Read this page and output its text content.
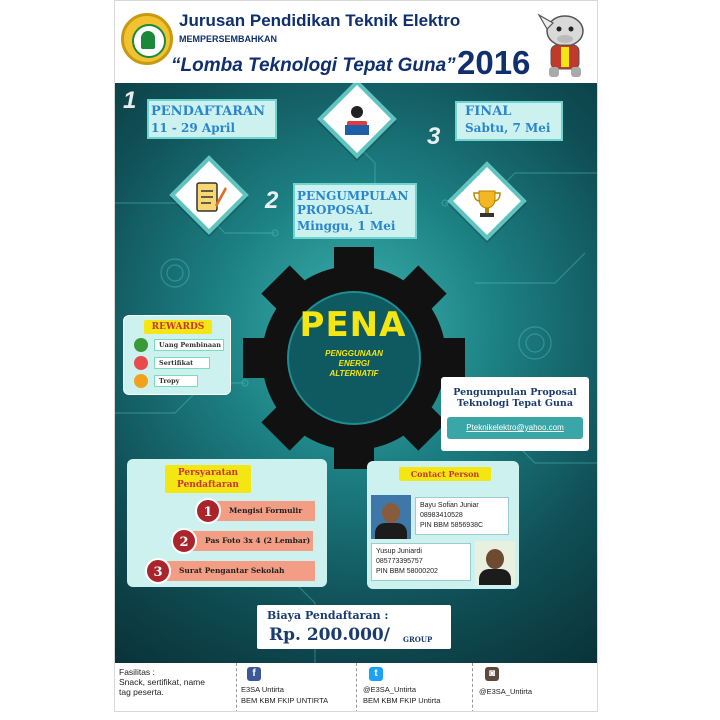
Jurusan Pendidikan Teknik Elektro
MEMPERSEMBAHKAN
“Lomba Teknologi Tepat Guna” 2016
1 PENDAFTARAN
11 - 29 April	3
FINAL
Sabtu, 7 Mei
2 PENGUMPULAN
PROPOSAL
Minggu, 1 Mei
PENA
PENGGUNAAN
ENERGI
ALTERNATIF
REWARDS
Uang Pembinaan
Sertifikat
Tropy
Pengumpulan Proposal
Teknologi Tepat Guna
Pteknikelektro@yahoo.com
Persyaratan
Pendaftaran
Mengisi Formulir
1
Pas Foto 3x 4 (2 Lembar)
2
Surat Pengantar Sekolah
3
Contact Person
Bayu Sofian Juniar
08983410528
PIN BBM 5856938C
Yusup Juniardi
085773395757
PIN BBM 58000202
Biaya Pendaftaran :
Rp. 200.000/ GROUP
Fasilitas :
Snack, sertifikat, name
tag peserta.
f
E3SA Untirta
BEM KBM FKIP UNTIRTA
t
@E3SA_Untirta
BEM KBM FKIP Untirta
◙
@E3SA_Untirta
